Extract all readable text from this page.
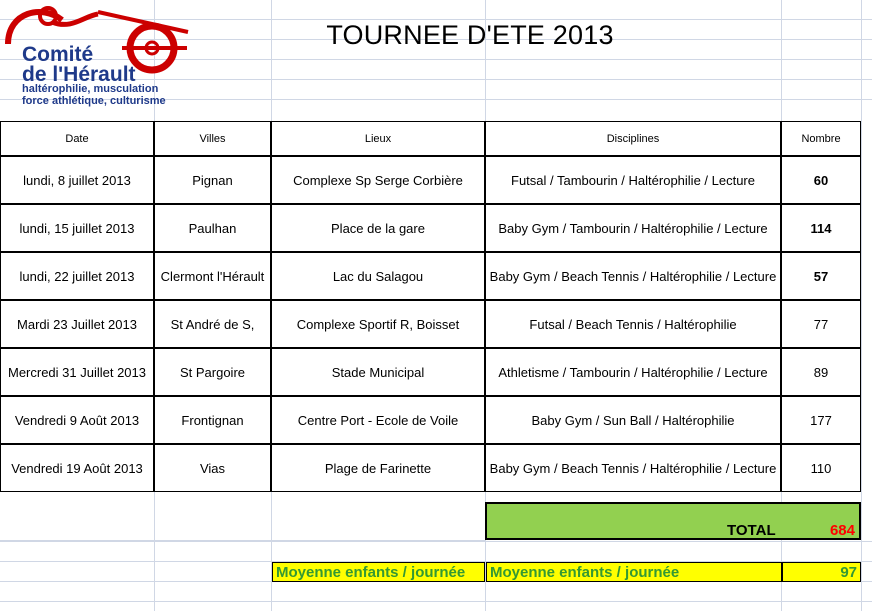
Comité
de l'Hérault
haltérophilie, musculation
force athlétique, culturisme
TOURNEE D'ETE 2013
Date	Villes	Lieux	Disciplines	Nombre
lundi, 8 juillet 2013	Pignan	Complexe Sp Serge Corbière	Futsal / Tambourin / Haltérophilie / Lecture	60
lundi, 15 juillet 2013	Paulhan	Place de la gare	Baby Gym / Tambourin / Haltérophilie / Lecture	114
lundi, 22 juillet 2013	Clermont l'Hérault	Lac du Salagou	Baby Gym / Beach Tennis / Haltérophilie / Lecture	57
Mardi 23 Juillet 2013	St André de S,	Complexe Sportif R, Boisset	Futsal / Beach Tennis / Haltérophilie	77
Mercredi 31 Juillet 2013	St Pargoire	Stade Municipal	Athletisme / Tambourin / Haltérophilie / Lecture	89
Vendredi 9 Août 2013	Frontignan	Centre Port - Ecole de Voile	Baby Gym / Sun Ball / Haltérophilie	177
Vendredi 19 Août 2013	Vias	Plage de Farinette	Baby Gym / Beach Tennis / Haltérophilie / Lecture	110
TOTAL	684
Moyenne enfants / journée	Moyenne enfants / journée	97
